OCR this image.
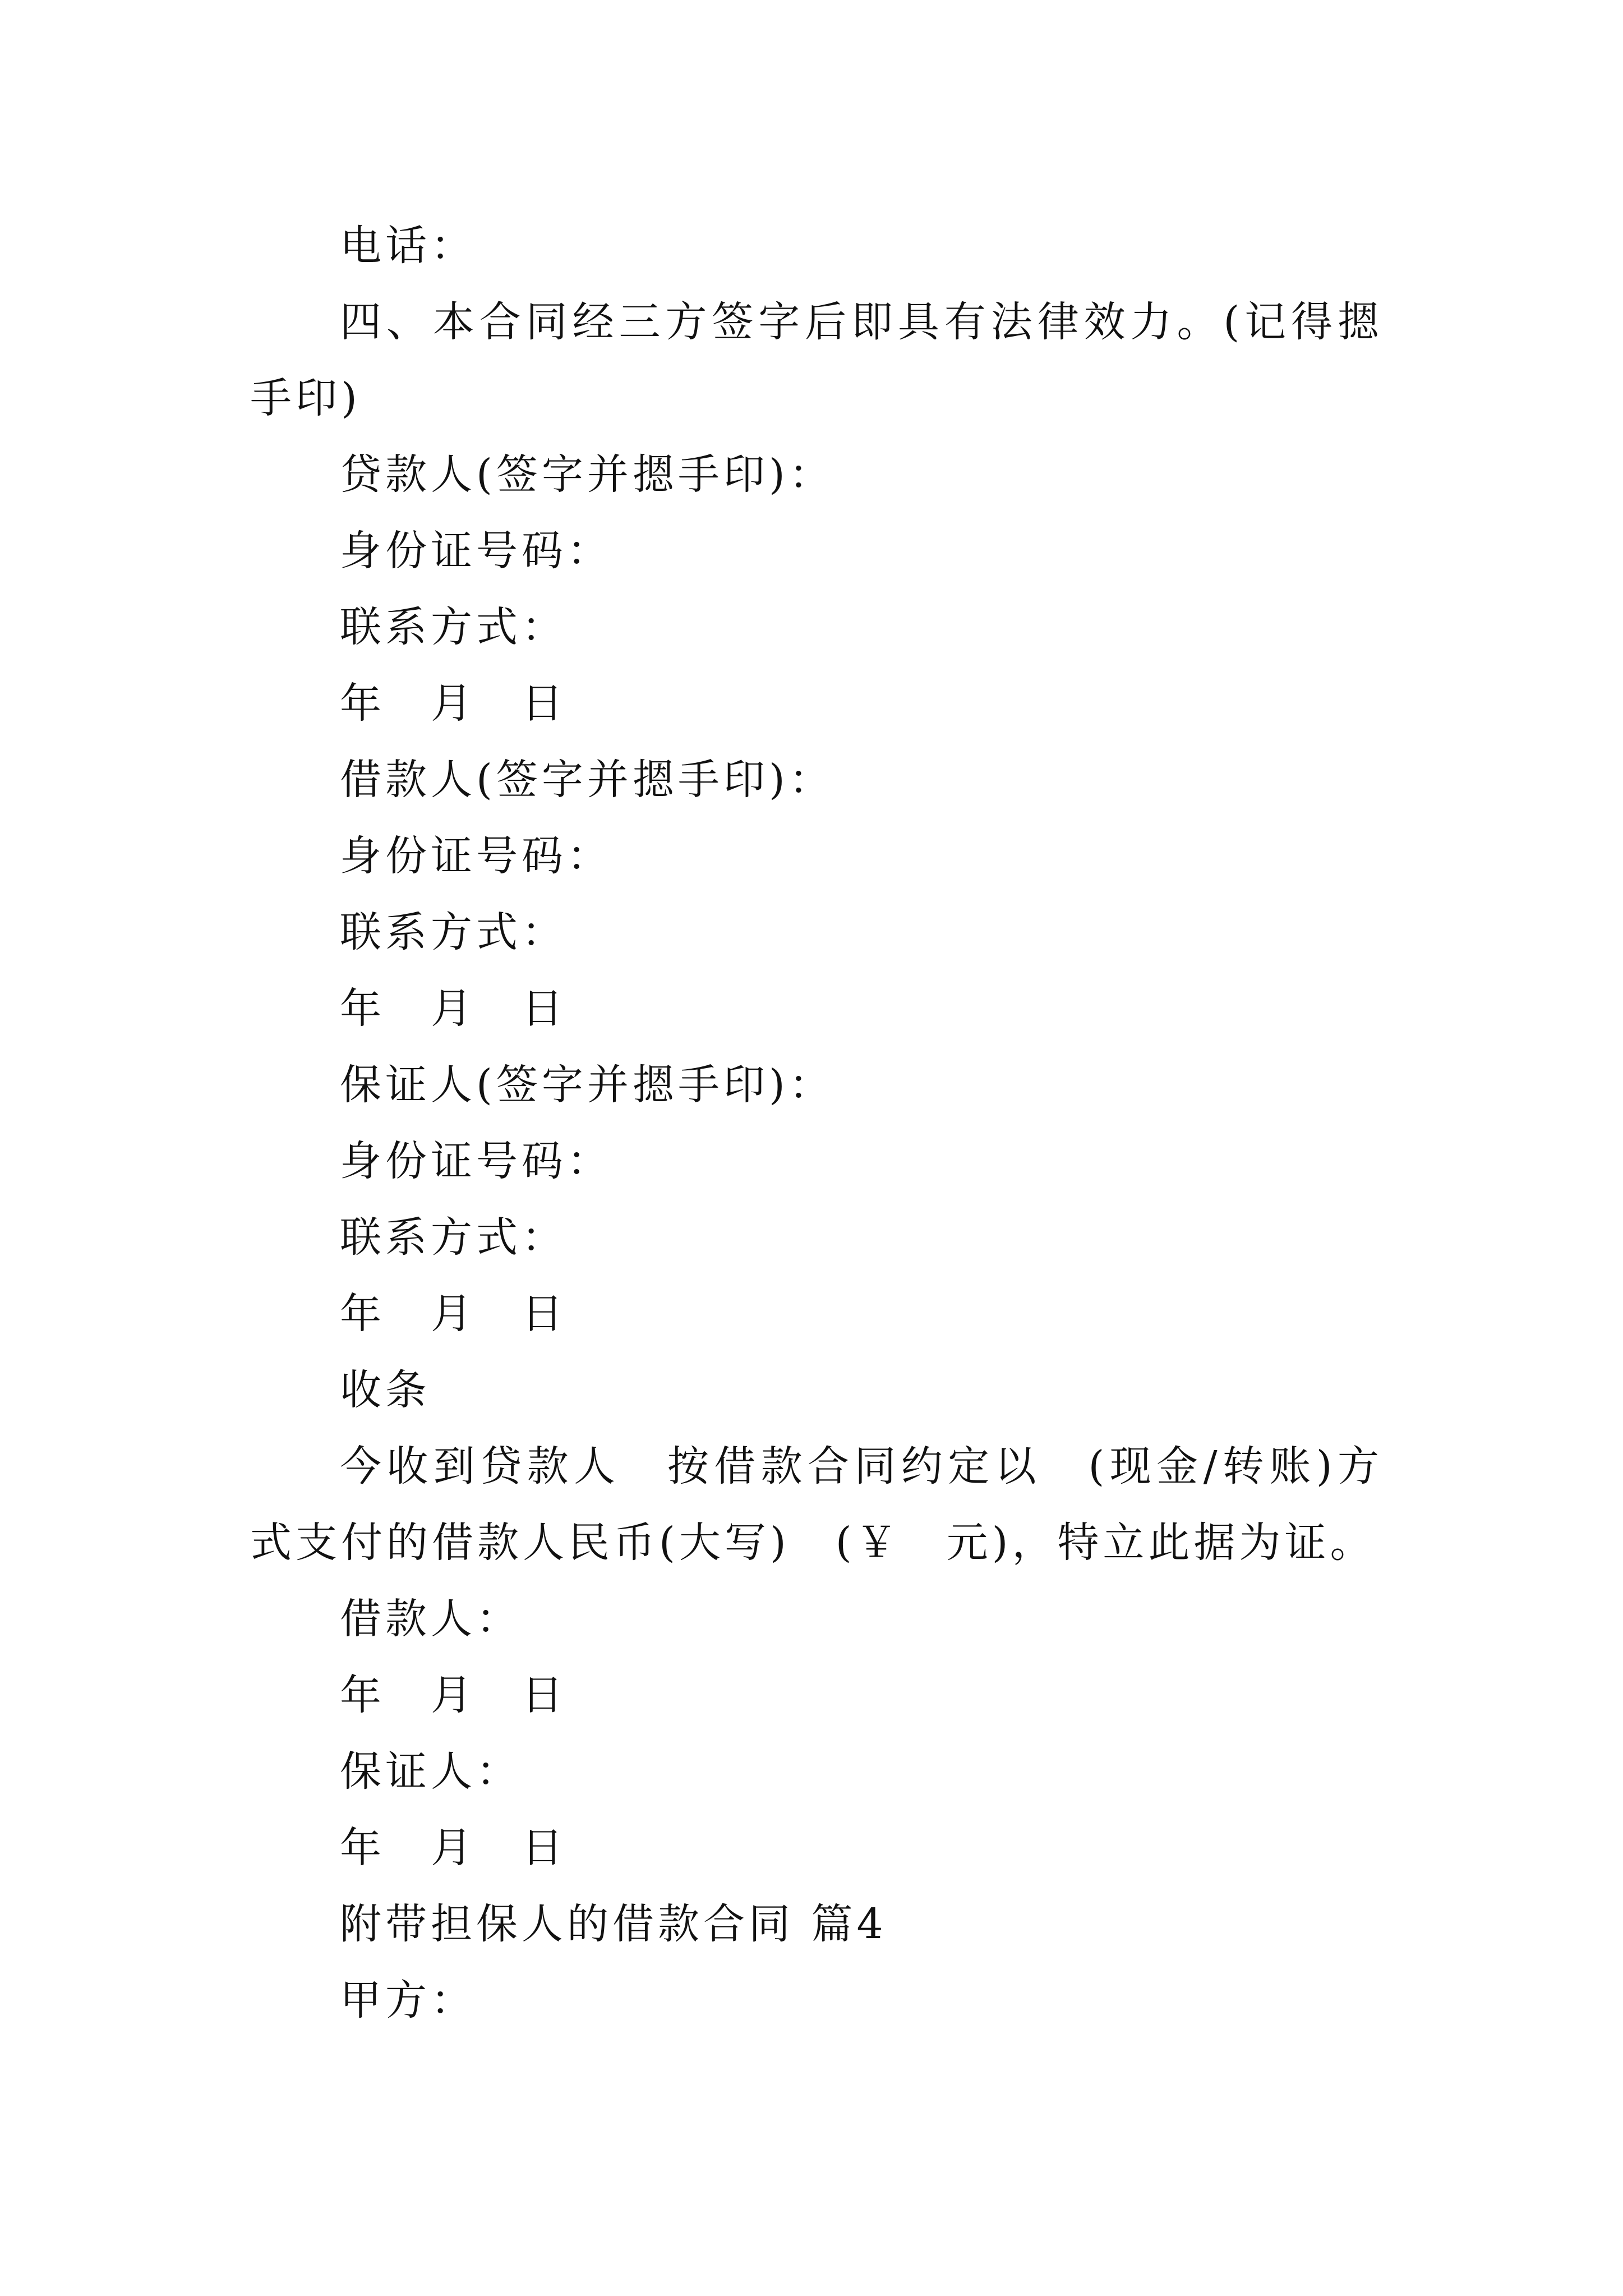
电话：

四、本合同经三方签字后即具有法律效力。(记得摁手印)

贷款人(签字并摁手印)：

身份证号码：

联系方式：

年　月　日

借款人(签字并摁手印)：

身份证号码：

联系方式：

年　月　日

保证人(签字并摁手印)：

身份证号码：

联系方式：

年　月　日

收条

今收到贷款人　按借款合同约定以　(现金/转账)方式支付的借款人民币(大写)　(￥　元)，特立此据为证。

借款人：

年　月　日

保证人：

年　月　日

附带担保人的借款合同 篇4

甲方：
